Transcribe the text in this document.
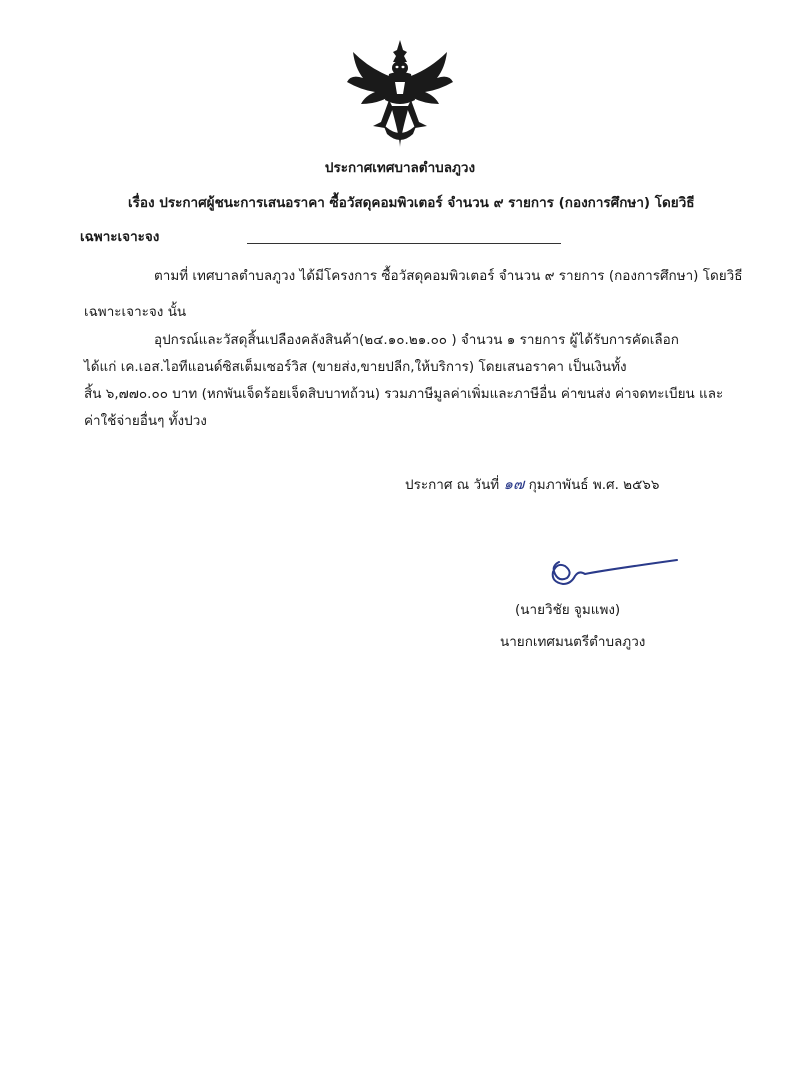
ประกาศเทศบาลตำบลภูวง
เรื่อง ประกาศผู้ชนะการเสนอราคา ซื้อวัสดุคอมพิวเตอร์ จำนวน ๙ รายการ (กองการศึกษา) โดยวิธีเฉพาะเจาะจง
ตามที่ เทศบาลตำบลภูวง ได้มีโครงการ ซื้อวัสดุคอมพิวเตอร์ จำนวน ๙ รายการ (กองการศึกษา) โดยวิธี
เฉพาะเจาะจง นั้น
อุปกรณ์และวัสดุสิ้นเปลืองคลังสินค้า(๒๔.๑๐.๒๑.๐๐ ) จำนวน ๑ รายการ ผู้ได้รับการคัดเลือก
ได้แก่ เค.เอส.ไอทีแอนด์ซิสเต็มเซอร์วิส (ขายส่ง,ขายปลีก,ให้บริการ) โดยเสนอราคา เป็นเงินทั้ง
สิ้น ๖,๗๗๐.๐๐ บาท (หกพันเจ็ดร้อยเจ็ดสิบบาทถ้วน) รวมภาษีมูลค่าเพิ่มและภาษีอื่น ค่าขนส่ง ค่าจดทะเบียน และ
ค่าใช้จ่ายอื่นๆ ทั้งปวง
ประกาศ ณ วันที่ ๑๗ กุมภาพันธ์ พ.ศ. ๒๕๖๖
(นายวิชัย จูมแพง)
นายกเทศมนตรีตำบลภูวง
